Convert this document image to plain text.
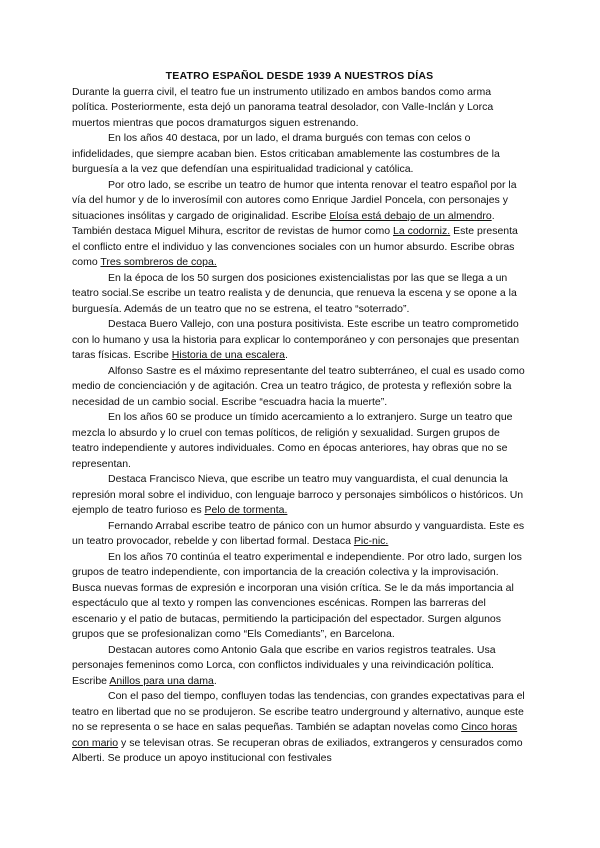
TEATRO ESPAÑOL DESDE 1939 A NUESTROS DÍAS

Durante la guerra civil, el teatro fue un instrumento utilizado en ambos bandos como arma política. Posteriormente, esta dejó un panorama teatral desolador, con Valle-Inclán y Lorca muertos mientras que pocos dramaturgos siguen estrenando.

En los años 40 destaca, por un lado, el drama burgués con temas con celos o infidelidades, que siempre acaban bien. Estos criticaban amablemente las costumbres de la burguesía a la vez que defendían una espiritualidad tradicional y católica.

Por otro lado, se escribe un teatro de humor que intenta renovar el teatro español por la vía del humor y de lo inverosímil con autores como Enrique Jardiel Poncela, con personajes y situaciones insólitas y cargado de originalidad. Escribe Eloísa está debajo de un almendro. También destaca Miguel Mihura, escritor de revistas de humor como La codorniz. Este presenta el conflicto entre el individuo y las convenciones sociales con un humor absurdo. Escribe obras como Tres sombreros de copa.

En la época de los 50 surgen dos posiciones existencialistas por las que se llega a un teatro social.Se escribe un teatro realista y de denuncia, que renueva la escena y se opone a la burguesía. Además de un teatro que no se estrena, el teatro “soterrado”.

Destaca Buero Vallejo, con una postura positivista. Este escribe un teatro comprometido con lo humano y usa la historia para explicar lo contemporáneo y con personajes que presentan taras físicas. Escribe Historia de una escalera.

Alfonso Sastre es el máximo representante del teatro subterráneo, el cual es usado como medio de concienciación y de agitación. Crea un teatro trágico, de protesta y reflexión sobre la necesidad de un cambio social. Escribe “escuadra hacia la muerte”.

En los años 60 se produce un tímido acercamiento a lo extranjero. Surge un teatro que mezcla lo absurdo y lo cruel con temas políticos, de religión y sexualidad. Surgen grupos de teatro independiente y autores individuales. Como en épocas anteriores, hay obras que no se representan.

Destaca Francisco Nieva, que escribe un teatro muy vanguardista, el cual denuncia la represión moral sobre el individuo, con lenguaje barroco y personajes simbólicos o históricos. Un ejemplo de teatro furioso es Pelo de tormenta.

Fernando Arrabal escribe teatro de pánico con un humor absurdo y vanguardista. Este es un teatro provocador, rebelde y con libertad formal. Destaca Pic-nic.

En los años 70 continúa el teatro experimental e independiente. Por otro lado, surgen los grupos de teatro independiente, con importancia de la creación colectiva y la improvisación. Busca nuevas formas de expresión e incorporan una visión crítica. Se le da más importancia al espectáculo que al texto y rompen las convenciones escénicas. Rompen las barreras del escenario y el patio de butacas, permitiendo la participación del espectador. Surgen algunos grupos que se profesionalizan como “Els Comediants”, en Barcelona.

Destacan autores como Antonio Gala que escribe en varios registros teatrales. Usa personajes femeninos como Lorca, con conflictos individuales y una reivindicación política. Escribe Anillos para una dama.

Con el paso del tiempo, confluyen todas las tendencias, con grandes expectativas para el teatro en libertad que no se produjeron. Se escribe teatro underground y alternativo, aunque este no se representa o se hace en salas pequeñas. También se adaptan novelas como Cinco horas con mario y se televisan otras. Se recuperan obras de exiliados, extrangeros y censurados como Alberti. Se produce un apoyo institucional con festivales
